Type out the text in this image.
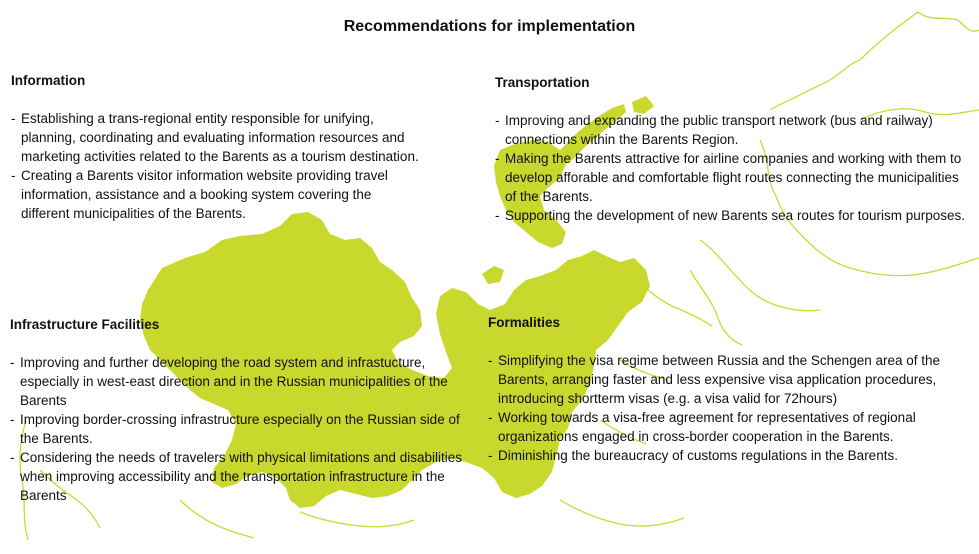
Recommendations for implementation
Information
- Establishing a trans-regional entity responsible for unifying, planning, coordinating and evaluating information resources and marketing activities related to the Barents as a tourism destination.
- Creating a Barents visitor information website providing travel information, assistance and a booking system covering the different municipalities of the Barents.
Transportation
- Improving and expanding the public transport network (bus and railway) connections within the Barents Region.
- Making the Barents attractive for airline companies and working with them to develop afforable and comfortable flight routes connecting the municipalities of the Barents.
- Supporting the development of new Barents sea routes for tourism purposes.
Infrastructure Facilities
- Improving and further developing the road system and infrastucture, especially in west-east direction and in the Russian municipalities of the Barents
- Improving border-crossing infrastructure especially on the Russian side of the Barents.
- Considering the needs of travelers with physical limitations and disabilities when improving accessibility and the transportation infrastructure in the Barents
Formalities
- Simplifying the visa regime between Russia and the Schengen area of the Barents, arranging faster and less expensive visa application procedures, introducing shortterm visas (e.g. a visa valid for 72hours)
- Working towards a visa-free agreement for representatives of regional organizations engaged in cross-border cooperation in the Barents.
- Diminishing the bureaucracy of customs regulations in the Barents.
